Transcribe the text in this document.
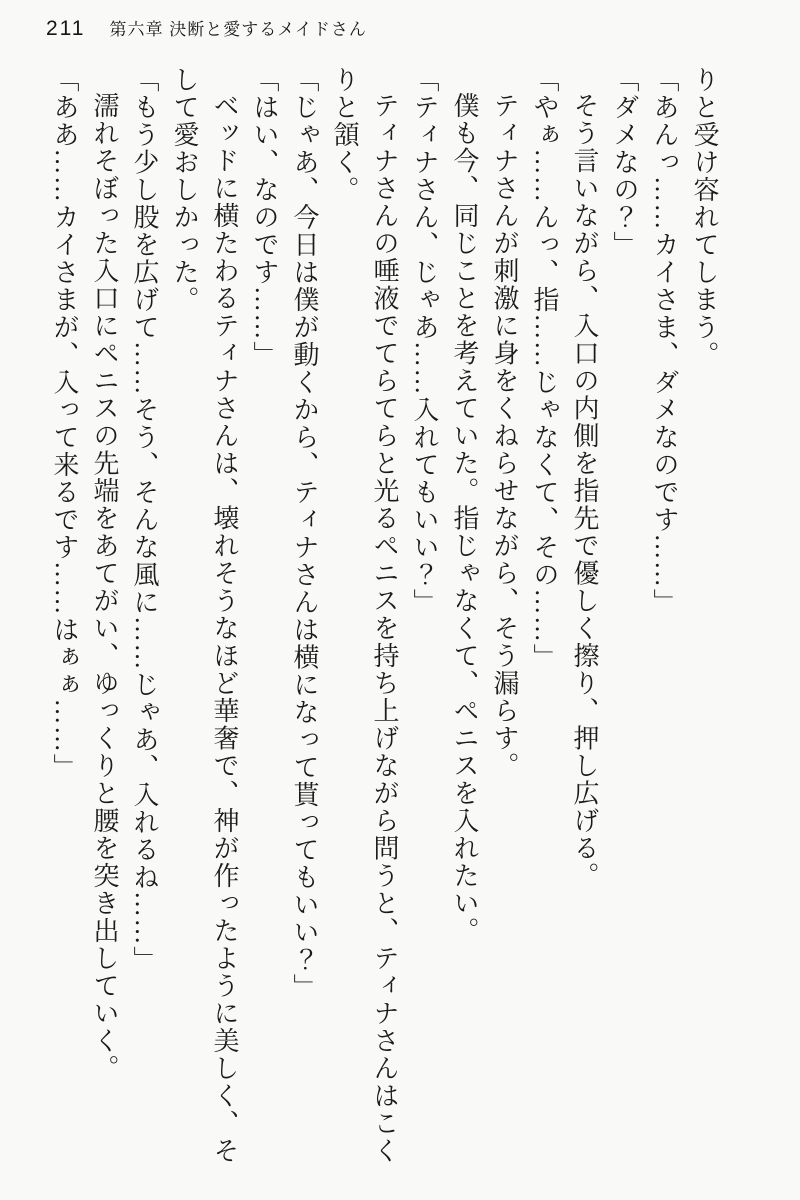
211 第六章 決断と愛するメイドさん

りと受け容れてしまう。

「あんっ……カイさま、ダメなのです……」

「ダメなの？」

そう言いながら、入口の内側を指先で優しく擦り、押し広げる。

「やぁ……んっ、指……じゃなくて、その……」

ティナさんが刺激に身をくねらせながら、そう漏らす。

僕も今、同じことを考えていた。指じゃなくて、ペニスを入れたい。

「ティナさん、じゃあ……入れてもいい？」

ティナさんの唾液でてらてらと光るペニスを持ち上げながら問うと、ティナさんはこくりと頷く。

「じゃあ、今日は僕が動くから、ティナさんは横になって貰ってもいい？」

「はい、なのです……」

ベッドに横たわるティナさんは、壊れそうなほど華奢で、神が作ったように美しく、そして愛おしかった。

「もう少し股を広げて……そう、そんな風に……じゃあ、入れるね……」

濡れそぼった入口にペニスの先端をあてがい、ゆっくりと腰を突き出していく。

「ああ……カイさまが、入って来るです……はぁぁ……」
